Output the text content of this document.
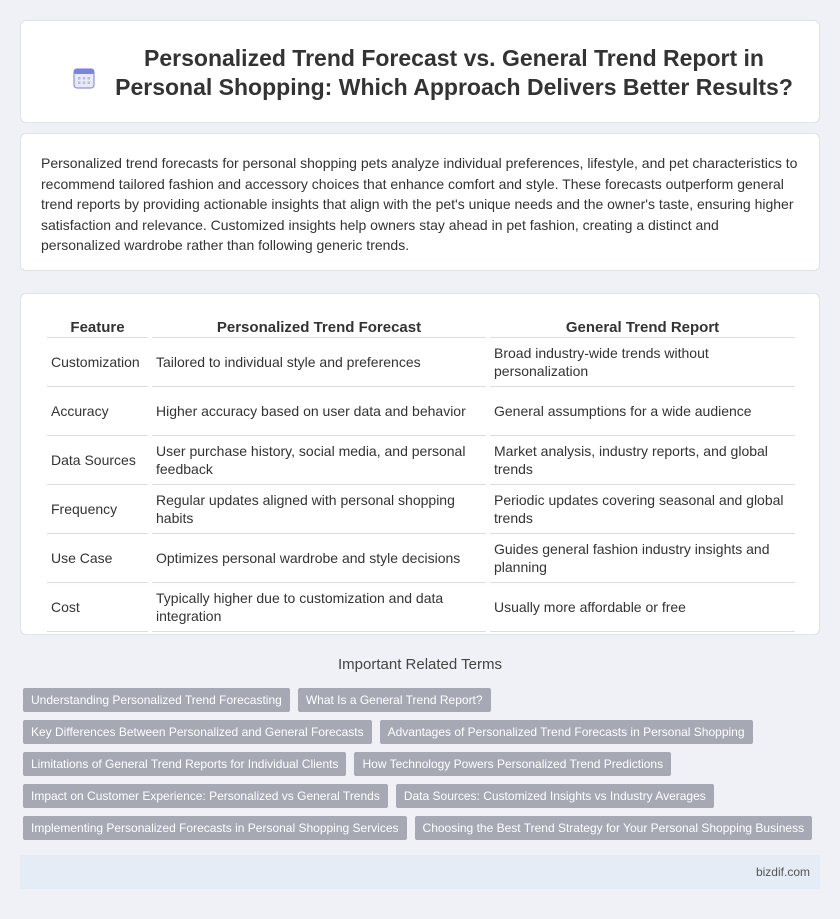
Personalized Trend Forecast vs. General Trend Report in Personal Shopping: Which Approach Delivers Better Results?

Personalized trend forecasts for personal shopping pets analyze individual preferences, lifestyle, and pet characteristics to recommend tailored fashion and accessory choices that enhance comfort and style. These forecasts outperform general trend reports by providing actionable insights that align with the pet's unique needs and the owner's taste, ensuring higher satisfaction and relevance. Customized insights help owners stay ahead in pet fashion, creating a distinct and personalized wardrobe rather than following generic trends.

Feature	Personalized Trend Forecast	General Trend Report
Customization	Tailored to individual style and preferences	Broad industry-wide trends without personalization
Accuracy	Higher accuracy based on user data and behavior	General assumptions for a wide audience
Data Sources	User purchase history, social media, and personal feedback	Market analysis, industry reports, and global trends
Frequency	Regular updates aligned with personal shopping habits	Periodic updates covering seasonal and global trends
Use Case	Optimizes personal wardrobe and style decisions	Guides general fashion industry insights and planning
Cost	Typically higher due to customization and data integration	Usually more affordable or free
Important Related Terms
Understanding Personalized Trend Forecasting	What Is a General Trend Report?
Key Differences Between Personalized and General Forecasts	Advantages of Personalized Trend Forecasts in Personal Shopping
Limitations of General Trend Reports for Individual Clients	How Technology Powers Personalized Trend Predictions
Impact on Customer Experience: Personalized vs General Trends	Data Sources: Customized Insights vs Industry Averages
Implementing Personalized Forecasts in Personal Shopping Services	Choosing the Best Trend Strategy for Your Personal Shopping Business
bizdif.com
